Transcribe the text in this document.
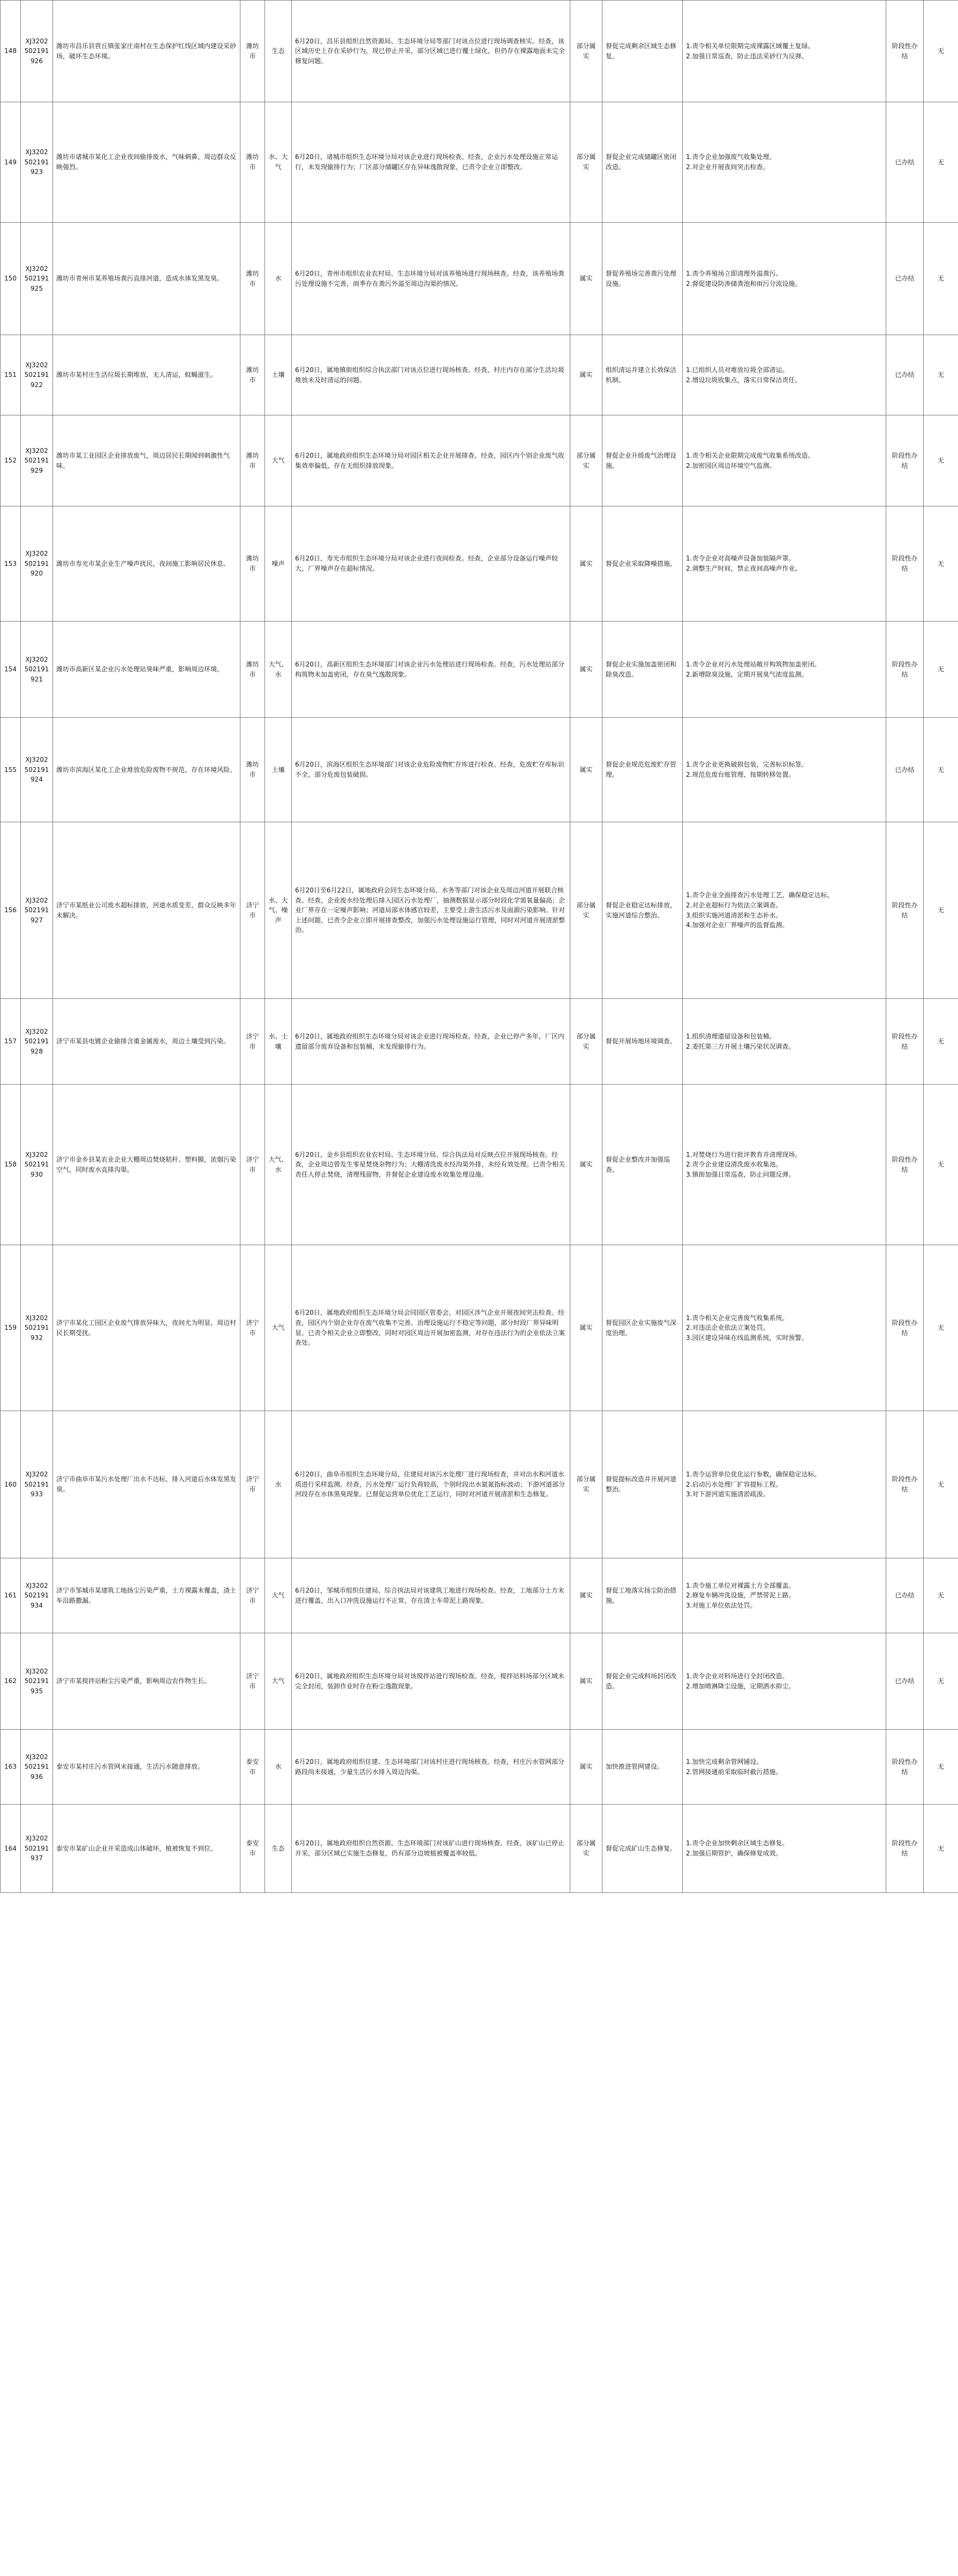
148	XJ3202502191926	潍坊市昌乐县营丘镇张家庄南村在生态保护红线区域内建设采砂场，破坏生态环境。	潍坊市	生态	6月20日，昌乐县组织自然资源局、生态环境分局等部门对该点位进行现场调查核实。经查，该区域历史上存在采砂行为，现已停止开采，部分区域已进行覆土绿化，但仍存在裸露地面未完全修复问题。	部分属实	督促完成剩余区域生态修复。	1.责令相关单位限期完成裸露区域覆土复绿。
2.加强日常巡查，防止违法采砂行为反弹。	阶段性办结	无
149	XJ3202502191923	潍坊市诸城市某化工企业夜间偷排废水，气味刺鼻，周边群众反映强烈。	潍坊市	水、大气	6月20日，诸城市组织生态环境分局对该企业进行现场检查。经查，企业污水处理设施正常运行，未发现偷排行为；厂区部分储罐区存在异味逸散现象，已责令企业立即整改。	部分属实	督促企业完成储罐区密闭改造。	1.责令企业加强废气收集处理。
2.对企业开展夜间突击检查。	已办结	无
150	XJ3202502191925	潍坊市青州市某养殖场粪污直排河道，造成水体发黑发臭。	潍坊市	水	6月20日，青州市组织农业农村局、生态环境分局对该养殖场进行现场核查。经查，该养殖场粪污处理设施不完善，雨季存在粪污外溢至周边沟渠的情况。	属实	督促养殖场完善粪污处理设施。	1.责令养殖场立即清理外溢粪污。
2.督促建设防渗储粪池和雨污分流设施。	已办结	无
151	XJ3202502191922	潍坊市某村庄生活垃圾长期堆放，无人清运，蚊蝇滋生。	潍坊市	土壤	6月20日，属地镇街组织综合执法部门对该点位进行现场核查。经查，村庄内存在部分生活垃圾堆放未及时清运的问题。	属实	组织清运并建立长效保洁机制。	1.已组织人员对堆放垃圾全部清运。
2.增设垃圾收集点，落实日常保洁责任。	已办结	无
152	XJ3202502191929	潍坊市某工业园区企业排放废气，周边居民长期闻到刺激性气味。	潍坊市	大气	6月20日，属地政府组织生态环境分局对园区相关企业开展排查。经查，园区内个别企业废气收集效率偏低，存在无组织排放现象。	部分属实	督促企业升级废气治理设施。	1.责令相关企业限期完成废气收集系统改造。
2.加密园区周边环境空气监测。	阶段性办结	无
153	XJ3202502191920	潍坊市寿光市某企业生产噪声扰民，夜间施工影响居民休息。	潍坊市	噪声	6月20日，寿光市组织生态环境分局对该企业进行夜间检查。经查，企业部分设备运行噪声较大，厂界噪声存在超标情况。	属实	督促企业采取降噪措施。	1.责令企业对高噪声设备加装隔声罩。
2.调整生产时间，禁止夜间高噪声作业。	阶段性办结	无
154	XJ3202502191921	潍坊市高新区某企业污水处理站臭味严重，影响周边环境。	潍坊市	大气、水	6月20日，高新区组织生态环境部门对该企业污水处理站进行现场检查。经查，污水处理站部分构筑物未加盖密闭，存在臭气逸散现象。	属实	督促企业实施加盖密闭和除臭改造。	1.责令企业对污水处理站敞开构筑物加盖密闭。
2.新增除臭设施，定期开展臭气浓度监测。	阶段性办结	无
155	XJ3202502191924	潍坊市滨海区某化工企业堆放危险废物不规范，存在环境风险。	潍坊市	土壤	6月20日，滨海区组织生态环境部门对该企业危险废物贮存库进行检查。经查，危废贮存库标识不全，部分危废包装破损。	属实	督促企业规范危废贮存管理。	1.责令企业更换破损包装，完善标识标签。
2.规范危废台账管理，按期转移处置。	已办结	无
156	XJ3202502191927	济宁市某纸业公司废水超标排放，河道水质变差，群众反映多年未解决。	济宁市	水、大气、噪声	6月20日至6月22日，属地政府会同生态环境分局、水务等部门对该企业及周边河道开展联合核查。经查，企业废水经处理后排入园区污水处理厂，抽测数据显示部分时段化学需氧量偏高；企业厂界存在一定噪声影响；河道局部水体感官较差，主要受上游生活污水及面源污染影响。针对上述问题，已责令企业立即开展排查整改，加强污水处理设施运行管理，同时对河道开展清淤整治。	部分属实	督促企业稳定达标排放，实施河道综合整治。	1.责令企业全面排查污水处理工艺，确保稳定达标。
2.对企业超标行为依法立案调查。
3.组织实施河道清淤和生态补水。
4.加强对企业厂界噪声的监督监测。	阶段性办结	无
157	XJ3202502191928	济宁市某县电镀企业偷排含重金属废水，周边土壤受到污染。	济宁市	水、土壤	6月20日，属地政府组织生态环境分局对该企业进行现场检查。经查，企业已停产多年，厂区内遗留部分废弃设备和包装桶，未发现偷排行为。	部分属实	督促开展场地环境调查。	1.组织清理遗留设备和包装桶。
2.委托第三方开展土壤污染状况调查。	阶段性办结	无
158	XJ3202502191930	济宁市金乡县某农业企业大棚周边焚烧秸秆、塑料膜，浓烟污染空气，同时废水直排沟渠。	济宁市	大气、水	6月20日，金乡县组织农业农村局、生态环境分局、综合执法局对反映点位开展现场核查。经查，企业周边曾发生零星焚烧杂物行为；大棚清洗废水经沟渠外排，未经有效处理。已责令相关责任人停止焚烧，清理残留物，并督促企业建设废水收集处理设施。	属实	督促企业整改并加强巡查。	1.对焚烧行为进行批评教育并清理现场。
2.责令企业建设清洗废水收集池。
3.镇街加强日常巡查，防止问题反弹。	阶段性办结	无
159	XJ3202502191932	济宁市某化工园区企业废气排放异味大，夜间尤为明显，周边村民长期受扰。	济宁市	大气	6月20日，属地政府组织生态环境分局会同园区管委会，对园区涉气企业开展夜间突击检查。经查，园区内个别企业存在废气收集不完善、治理设施运行不稳定等问题，部分时段厂界异味明显。已责令相关企业立即整改，同时对园区周边开展加密监测，对存在违法行为的企业依法立案查处。	属实	督促园区企业实施废气深度治理。	1.责令相关企业完善废气收集系统。
2.对违法企业依法立案处罚。
3.园区建设异味在线监测系统，实时预警。	阶段性办结	无
160	XJ3202502191933	济宁市曲阜市某污水处理厂出水不达标，排入河道后水体发黑发臭。	济宁市	水	6月20日，曲阜市组织生态环境分局、住建局对该污水处理厂进行现场检查，并对出水和河道水质进行采样监测。经查，污水处理厂运行负荷较高，个别时段出水氨氮指标波动；下游河道部分河段存在水体黑臭现象。已督促运营单位优化工艺运行，同时对河道开展清淤和生态修复。	部分属实	督促提标改造并开展河道整治。	1.责令运营单位优化运行参数，确保稳定达标。
2.启动污水处理厂扩容提标工程。
3.对下游河道实施清淤疏浚。	阶段性办结	无
161	XJ3202502191934	济宁市邹城市某建筑工地扬尘污染严重，土方裸露未覆盖，渣土车沿路撒漏。	济宁市	大气	6月20日，邹城市组织住建局、综合执法局对该建筑工地进行现场检查。经查，工地部分土方未进行覆盖，出入口冲洗设施运行不正常，存在渣土车带泥上路现象。	属实	督促工地落实扬尘防治措施。	1.责令施工单位对裸露土方全部覆盖。
2.修复车辆冲洗设施，严禁带泥上路。
3.对施工单位依法处罚。	已办结	无
162	XJ3202502191935	济宁市某搅拌站粉尘污染严重，影响周边农作物生长。	济宁市	大气	6月20日，属地政府组织生态环境分局对该搅拌站进行现场检查。经查，搅拌站料场部分区域未完全封闭，装卸作业时存在粉尘逸散现象。	属实	督促企业完成料场封闭改造。	1.责令企业对料场进行全封闭改造。
2.增加喷淋降尘设施，定期洒水抑尘。	已办结	无
163	XJ3202502191936	泰安市某村庄污水管网未接通，生活污水随意排放。	泰安市	水	6月20日，属地政府组织住建、生态环境部门对该村庄进行现场核查。经查，村庄污水管网部分路段尚未接通，少量生活污水排入周边沟渠。	属实	加快推进管网建设。	1.加快完成剩余管网铺设。
2.管网接通前采取临时截污措施。	阶段性办结	无
164	XJ3202502191937	泰安市某矿山企业开采造成山体破坏，植被恢复不到位。	泰安市	生态	6月20日，属地政府组织自然资源、生态环境部门对该矿山进行现场核查。经查，该矿山已停止开采，部分区域已实施生态修复，仍有部分边坡植被覆盖率较低。	部分属实	督促完成矿山生态修复。	1.责令企业加快剩余区域生态修复。
2.加强后期管护，确保修复成效。	阶段性办结	无
